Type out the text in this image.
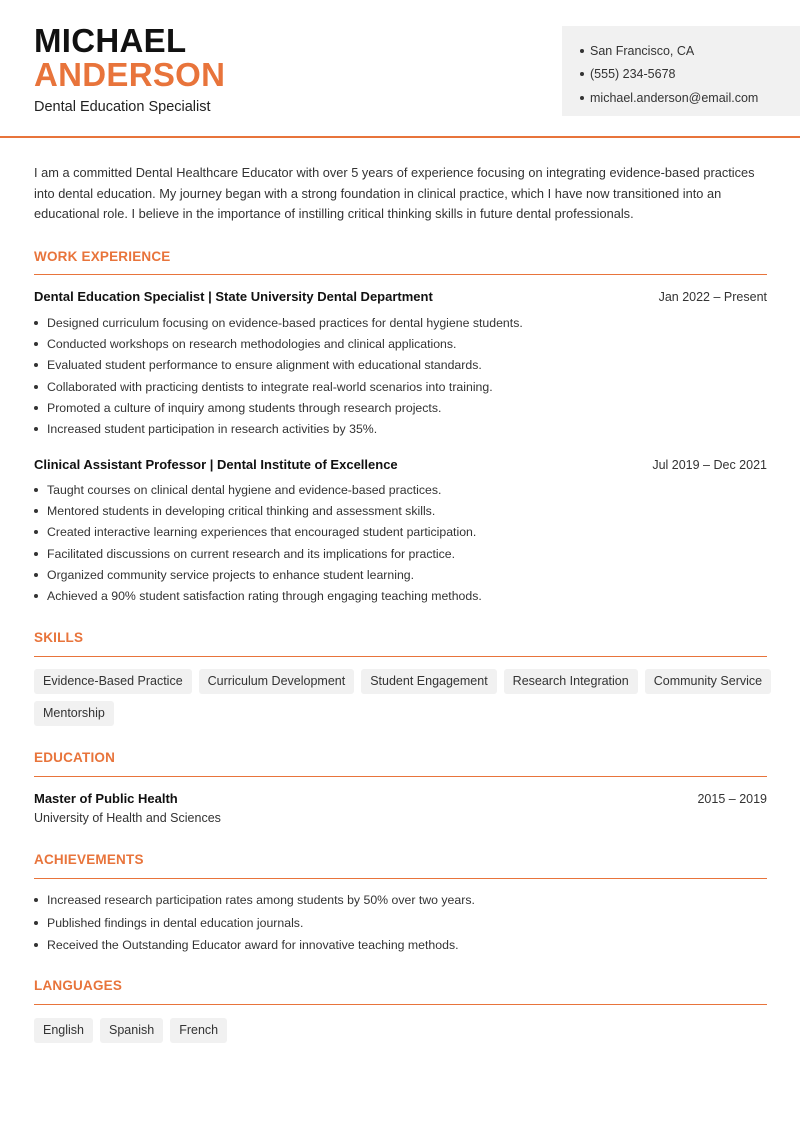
MICHAEL
ANDERSON
Dental Education Specialist
San Francisco, CA
(555) 234-5678
michael.anderson@email.com

I am a committed Dental Healthcare Educator with over 5 years of experience focusing on integrating evidence-based practices into dental education. My journey began with a strong foundation in clinical practice, which I have now transitioned into an educational role. I believe in the importance of instilling critical thinking skills in future dental professionals.

WORK EXPERIENCE
Dental Education Specialist | State University Dental Department	Jan 2022 – Present
Designed curriculum focusing on evidence-based practices for dental hygiene students.
Conducted workshops on research methodologies and clinical applications.
Evaluated student performance to ensure alignment with educational standards.
Collaborated with practicing dentists to integrate real-world scenarios into training.
Promoted a culture of inquiry among students through research projects.
Increased student participation in research activities by 35%.
Clinical Assistant Professor | Dental Institute of Excellence	Jul 2019 – Dec 2021
Taught courses on clinical dental hygiene and evidence-based practices.
Mentored students in developing critical thinking and assessment skills.
Created interactive learning experiences that encouraged student participation.
Facilitated discussions on current research and its implications for practice.
Organized community service projects to enhance student learning.
Achieved a 90% student satisfaction rating through engaging teaching methods.
SKILLS
Evidence-Based Practice	Curriculum Development	Student Engagement	Research Integration	Community Service
Mentorship
EDUCATION
Master of Public Health	2015 – 2019
University of Health and Sciences
ACHIEVEMENTS
Increased research participation rates among students by 50% over two years.
Published findings in dental education journals.
Received the Outstanding Educator award for innovative teaching methods.
LANGUAGES
English	Spanish	French
